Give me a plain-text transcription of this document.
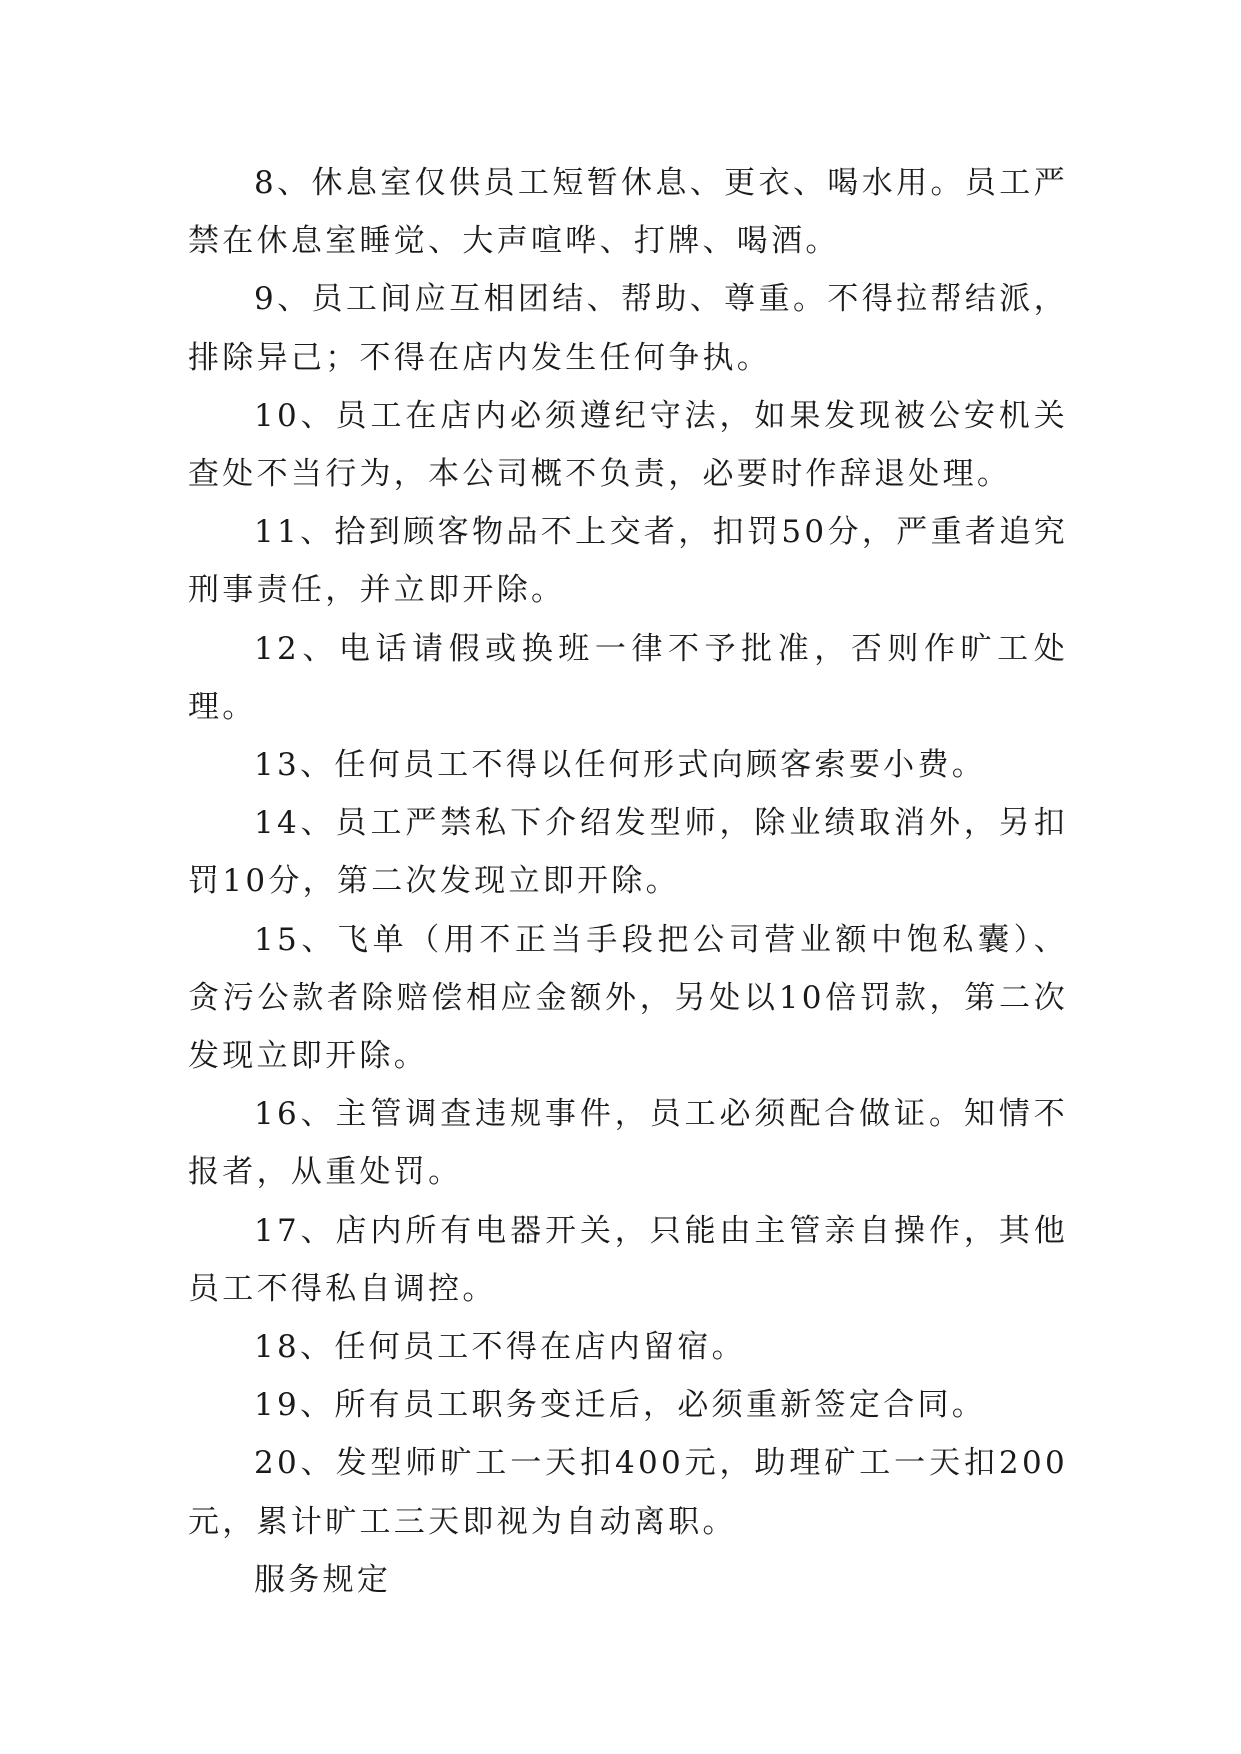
8、休息室仅供员工短暂休息、更衣、喝水用。员工严禁在休息室睡觉、大声喧哗、打牌、喝酒。

9、员工间应互相团结、帮助、尊重。不得拉帮结派，排除异己；不得在店内发生任何争执。

10、员工在店内必须遵纪守法，如果发现被公安机关查处不当行为，本公司概不负责，必要时作辞退处理。

11、拾到顾客物品不上交者，扣罚50分，严重者追究刑事责任，并立即开除。

12、电话请假或换班一律不予批准，否则作旷工处理。

13、任何员工不得以任何形式向顾客索要小费。

14、员工严禁私下介绍发型师，除业绩取消外，另扣罚10分，第二次发现立即开除。

15、飞单（用不正当手段把公司营业额中饱私囊）、贪污公款者除赔偿相应金额外，另处以10倍罚款，第二次发现立即开除。

16、主管调查违规事件，员工必须配合做证。知情不报者，从重处罚。

17、店内所有电器开关，只能由主管亲自操作，其他员工不得私自调控。

18、任何员工不得在店内留宿。

19、所有员工职务变迁后，必须重新签定合同。

20、发型师旷工一天扣400元，助理矿工一天扣200元，累计旷工三天即视为自动离职。

服务规定
